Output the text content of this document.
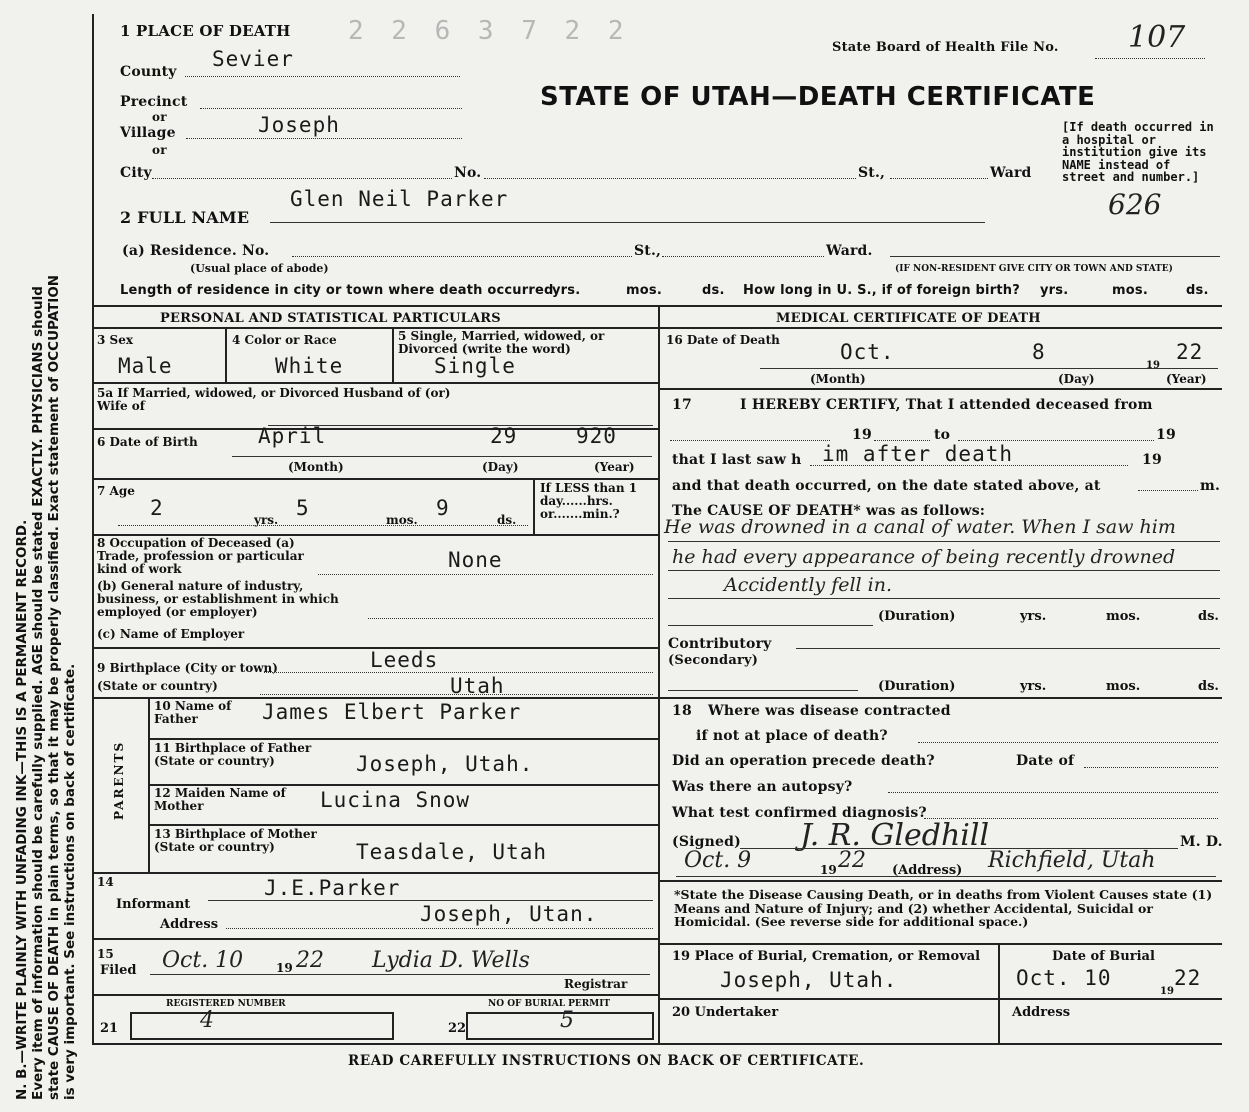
N. B.—WRITE PLAINLY WITH UNFADING INK—THIS IS A PERMANENT RECORD. Every item of information should be carefully supplied. AGE should be stated EXACTLY. PHYSICIANS should state CAUSE OF DEATH in plain terms, so that it may be properly classified. Exact statement of OCCUPATION is very important. See instructions on back of certificate.
1 PLACE OF DEATH 2 2 6 3 7 2 2
State Board of Health File No. 107
STATE OF UTAH—DEATH CERTIFICATE
[If death occurred in a hospital or institution give its NAME instead of street and number.]
626
County
Sevier
Precinct
or
Village	Joseph
or
City	No.	St.,	Ward
2 FULL NAME
Glen Neil Parker
(a) Residence. No.	St.,	Ward.
(Usual place of abode)	(IF NON-RESIDENT GIVE CITY OR TOWN AND STATE)
Length of residence in city or town where death occurred
yrs.	mos.	ds. How long in U. S., if of foreign birth? yrs.	mos.	ds.
PERSONAL AND STATISTICAL PARTICULARS
3 Sex
Male
4 Color or Race
White
5 Single, Married, widowed, or Divorced (write the word)
Single
5a If Married, widowed, or Divorced Husband of (or) Wife of
6 Date of Birth	April	29	920
(Month)	(Day)	(Year)
7 Age
2	yrs. 5	mos. 9	ds.
If LESS than 1 day......hrs. or.......min.?
8 Occupation of Deceased (a) Trade, profession or particular kind of work	None
(b) General nature of industry, business, or establishment in which employed (or employer)
(c) Name of Employer
9 Birthplace (City or town)	Leeds
(State or country)	Utah
PARENTS
10 Name of Father	James Elbert Parker
11 Birthplace of Father (State or country)	Joseph, Utah.
12 Maiden Name of Mother	Lucina Snow
13 Birthplace of Mother (State or country)	Teasdale, Utah
14	J.E.Parker
Informant
Address	Joseph, Utan.
15
Filed Oct. 10	19 22 Lydia D. Wells
Registrar
REGISTERED NUMBER	NO OF BURIAL PERMIT
21	4	22	5
MEDICAL CERTIFICATE OF DEATH
16 Date of Death	Oct.	8
19
22
(Month)	(Day)	(Year)
17	I HEREBY CERTIFY, That I attended deceased from
19	to	19
that I last saw h im after death	19
and that death occurred, on the date stated above, at	m.
The CAUSE OF DEATH* was as follows:
He was drowned in a canal of water. When I saw him
he had every appearance of being recently drowned
Accidently fell in.
(Duration)	yrs.	mos.	ds.
Contributory
(Secondary)
(Duration)	yrs.	mos.	ds.
18 Where was disease contracted
if not at place of death?
Did an operation precede death?	Date of
Was there an autopsy?
What test confirmed diagnosis?
(Signed) J. R. Gledhill	M. D.
Oct. 9	19 22 (Address) Richfield, Utah
*State the Disease Causing Death, or in deaths from Violent Causes state (1) Means and Nature of Injury; and (2) whether Accidental, Suicidal or Homicidal. (See reverse side for additional space.)
19 Place of Burial, Cremation, or Removal
Joseph, Utah.
Date of Burial
Oct. 10
19
22
20 Undertaker	Address
READ CAREFULLY INSTRUCTIONS ON BACK OF CERTIFICATE.
